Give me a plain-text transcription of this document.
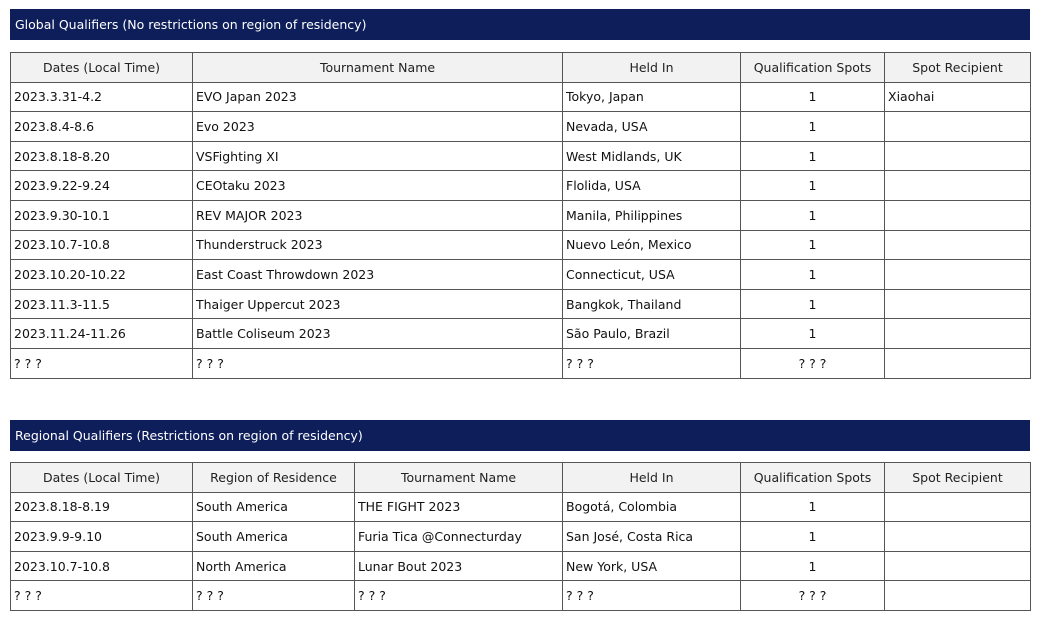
Global Qualifiers (No restrictions on region of residency)
Dates (Local Time)	Tournament Name	Held In	Qualification Spots	Spot Recipient
2023.3.31-4.2	EVO Japan 2023	Tokyo, Japan	1	Xiaohai
2023.8.4-8.6	Evo 2023	Nevada, USA	1	
2023.8.18-8.20	VSFighting XI	West Midlands, UK	1	
2023.9.22-9.24	CEOtaku 2023	Flolida, USA	1	
2023.9.30-10.1	REV MAJOR 2023	Manila, Philippines	1	
2023.10.7-10.8	Thunderstruck 2023	Nuevo León, Mexico	1	
2023.10.20-10.22	East Coast Throwdown 2023	Connecticut, USA	1	
2023.11.3-11.5	Thaiger Uppercut 2023	Bangkok, Thailand	1	
2023.11.24-11.26	Battle Coliseum 2023	São Paulo, Brazil	1	
? ? ?	? ? ?	? ? ?	? ? ?	
Regional Qualifiers (Restrictions on region of residency)
Dates (Local Time)	Region of Residence	Tournament Name	Held In	Qualification Spots	Spot Recipient
2023.8.18-8.19	South America	THE FIGHT 2023	Bogotá, Colombia	1	
2023.9.9-9.10	South America	Furia Tica @Connecturday	San José, Costa Rica	1	
2023.10.7-10.8	North America	Lunar Bout 2023	New York, USA	1	
? ? ?	? ? ?	? ? ?	? ? ?	? ? ?	
